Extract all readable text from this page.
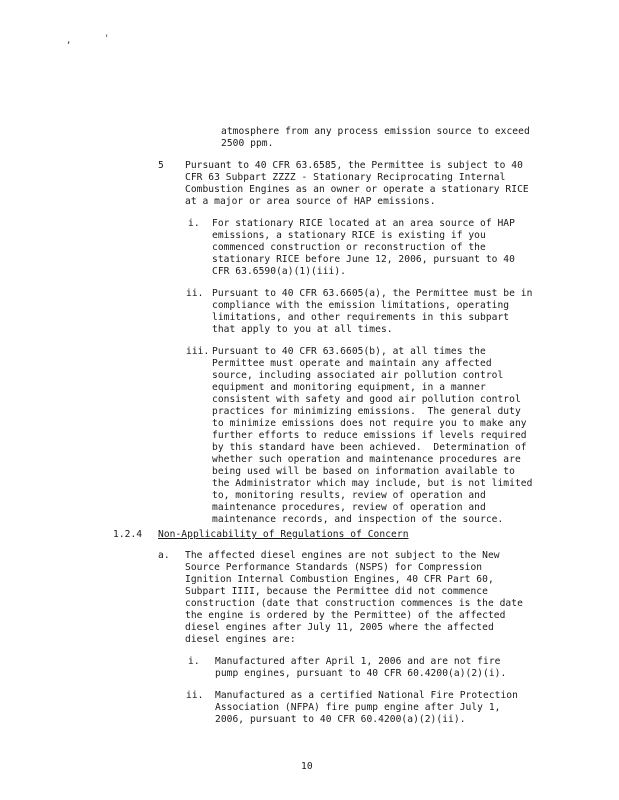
,	'
atmosphere from any process emission source to exceed
2500 ppm.
5 Pursuant to 40 CFR 63.6585, the Permittee is subject to 40
CFR 63 Subpart ZZZZ - Stationary Reciprocating Internal
Combustion Engines as an owner or operate a stationary RICE
at a major or area source of HAP emissions.
i. For stationary RICE located at an area source of HAP
emissions, a stationary RICE is existing if you
commenced construction or reconstruction of the
stationary RICE before June 12, 2006, pursuant to 40
CFR 63.6590(a)(1)(iii).
ii. Pursuant to 40 CFR 63.6605(a), the Permittee must be in
compliance with the emission limitations, operating
limitations, and other requirements in this subpart
that apply to you at all times.
iii. Pursuant to 40 CFR 63.6605(b), at all times the
Permittee must operate and maintain any affected
source, including associated air pollution control
equipment and monitoring equipment, in a manner
consistent with safety and good air pollution control
practices for minimizing emissions.  The general duty
to minimize emissions does not require you to make any
further efforts to reduce emissions if levels required
by this standard have been achieved.  Determination of
whether such operation and maintenance procedures are
being used will be based on information available to
the Administrator which may include, but is not limited
to, monitoring results, review of operation and
maintenance procedures, review of operation and
maintenance records, and inspection of the source.
1.2.4 Non-Applicability of Regulations of Concern
a. The affected diesel engines are not subject to the New
Source Performance Standards (NSPS) for Compression
Ignition Internal Combustion Engines, 40 CFR Part 60,
Subpart IIII, because the Permittee did not commence
construction (date that construction commences is the date
the engine is ordered by the Permittee) of the affected
diesel engines after July 11, 2005 where the affected
diesel engines are:
i. Manufactured after April 1, 2006 and are not fire
pump engines, pursuant to 40 CFR 60.4200(a)(2)(i).
ii. Manufactured as a certified National Fire Protection
Association (NFPA) fire pump engine after July 1,
2006, pursuant to 40 CFR 60.4200(a)(2)(ii).
10
